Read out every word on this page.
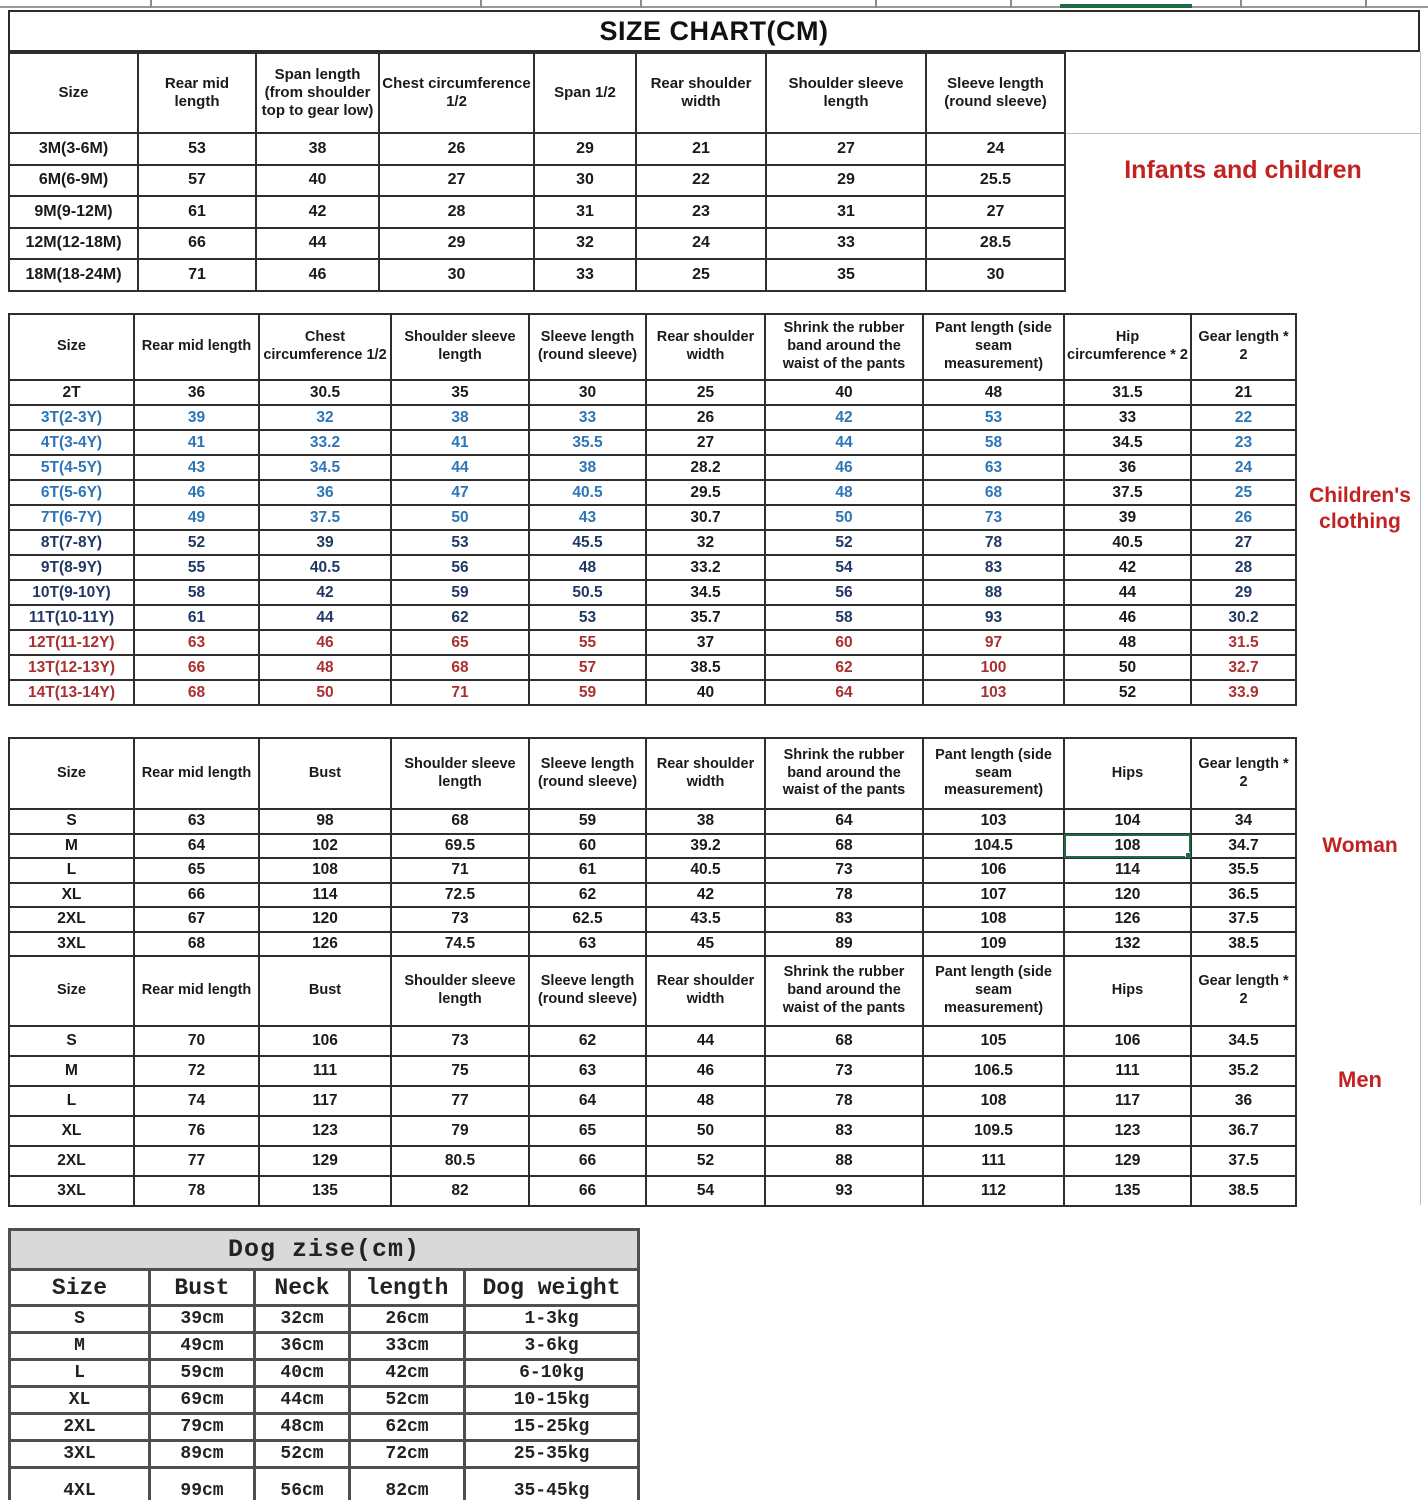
SIZE CHART(CM)
Size	Rear mid length	Span length (from shoulder top to gear low)	Chest circumference 1/2	Span 1/2	Rear shoulder width	Shoulder sleeve length	Sleeve length (round sleeve)
3M(3-6M)	53	38	26	29	21	27	24
6M(6-9M)	57	40	27	30	22	29	25.5
9M(9-12M)	61	42	28	31	23	31	27
12M(12-18M)	66	44	29	32	24	33	28.5
18M(18-24M)	71	46	30	33	25	35	30
Size	Rear mid length	Chest circumference 1/2	Shoulder sleeve length	Sleeve length (round sleeve)	Rear shoulder width	Shrink the rubber band around the waist of the pants	Pant length (side seam measurement)	Hip circumference * 2	Gear length * 2
2T	36	30.5	35	30	25	40	48	31.5	21
3T(2-3Y)	39	32	38	33	26	42	53	33	22
4T(3-4Y)	41	33.2	41	35.5	27	44	58	34.5	23
5T(4-5Y)	43	34.5	44	38	28.2	46	63	36	24
6T(5-6Y)	46	36	47	40.5	29.5	48	68	37.5	25
7T(6-7Y)	49	37.5	50	43	30.7	50	73	39	26
8T(7-8Y)	52	39	53	45.5	32	52	78	40.5	27
9T(8-9Y)	55	40.5	56	48	33.2	54	83	42	28
10T(9-10Y)	58	42	59	50.5	34.5	56	88	44	29
11T(10-11Y)	61	44	62	53	35.7	58	93	46	30.2
12T(11-12Y)	63	46	65	55	37	60	97	48	31.5
13T(12-13Y)	66	48	68	57	38.5	62	100	50	32.7
14T(13-14Y)	68	50	71	59	40	64	103	52	33.9
Size	Rear mid length	Bust	Shoulder sleeve length	Sleeve length (round sleeve)	Rear shoulder width	Shrink the rubber band around the waist of the pants	Pant length (side seam measurement)	Hips	Gear length * 2
S	63	98	68	59	38	64	103	104	34
M	64	102	69.5	60	39.2	68	104.5	108	34.7
L	65	108	71	61	40.5	73	106	114	35.5
XL	66	114	72.5	62	42	78	107	120	36.5
2XL	67	120	73	62.5	43.5	83	108	126	37.5
3XL	68	126	74.5	63	45	89	109	132	38.5
Size	Rear mid length	Bust	Shoulder sleeve length	Sleeve length (round sleeve)	Rear shoulder width	Shrink the rubber band around the waist of the pants	Pant length (side seam measurement)	Hips	Gear length * 2
S	70	106	73	62	44	68	105	106	34.5
M	72	111	75	63	46	73	106.5	111	35.2
L	74	117	77	64	48	78	108	117	36
XL	76	123	79	65	50	83	109.5	123	36.7
2XL	77	129	80.5	66	52	88	111	129	37.5
3XL	78	135	82	66	54	93	112	135	38.5
Dog zise(cm)				
Size	Bust	Neck	length	Dog weight
S	39cm	32cm	26cm	1-3kg
M	49cm	36cm	33cm	3-6kg
L	59cm	40cm	42cm	6-10kg
XL	69cm	44cm	52cm	10-15kg
2XL	79cm	48cm	62cm	15-25kg
3XL	89cm	52cm	72cm	25-35kg
4XL	99cm	56cm	82cm	35-45kg
Infants and children
Children's clothing
Woman
Men
